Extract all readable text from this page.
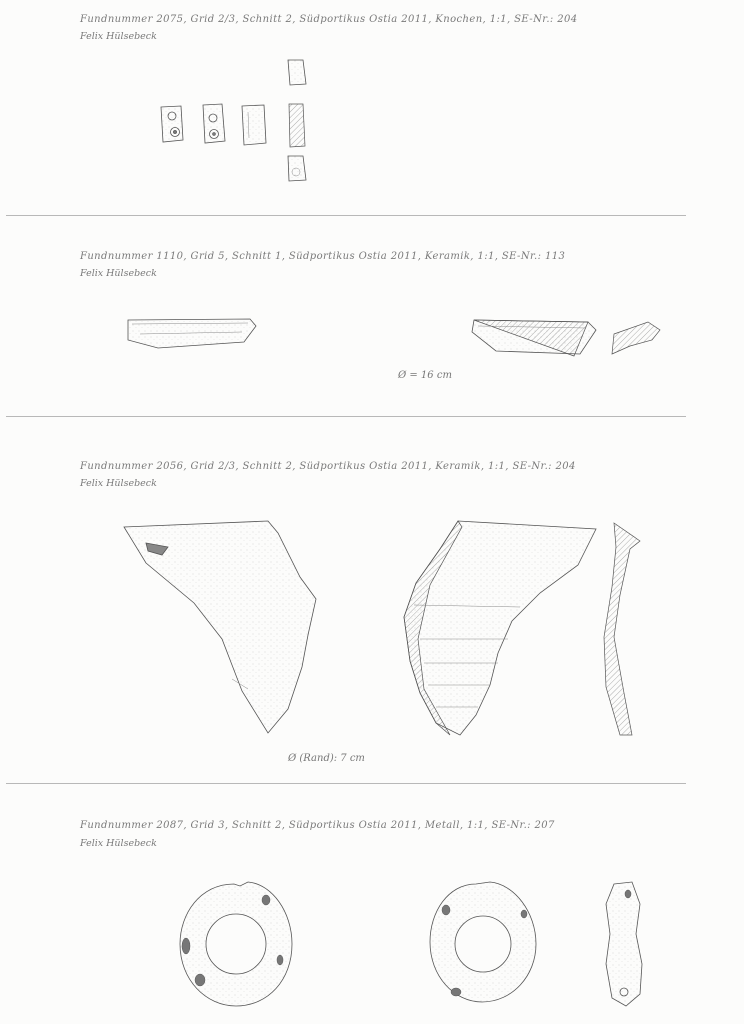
Fundnummer 2075, Grid 2/3, Schnitt 2, Südportikus Ostia 2011, Knochen, 1:1, SE-Nr.: 204
Felix Hülsebeck
Fundnummer 1110, Grid 5, Schnitt 1, Südportikus Ostia 2011, Keramik, 1:1, SE-Nr.: 113
Felix Hülsebeck
Ø = 16 cm
Fundnummer 2056, Grid 2/3, Schnitt 2, Südportikus Ostia 2011, Keramik, 1:1, SE-Nr.: 204
Felix Hülsebeck
Ø (Rand): 7 cm
Fundnummer 2087, Grid 3, Schnitt 2, Südportikus Ostia 2011, Metall, 1:1, SE-Nr.: 207
Felix Hülsebeck
